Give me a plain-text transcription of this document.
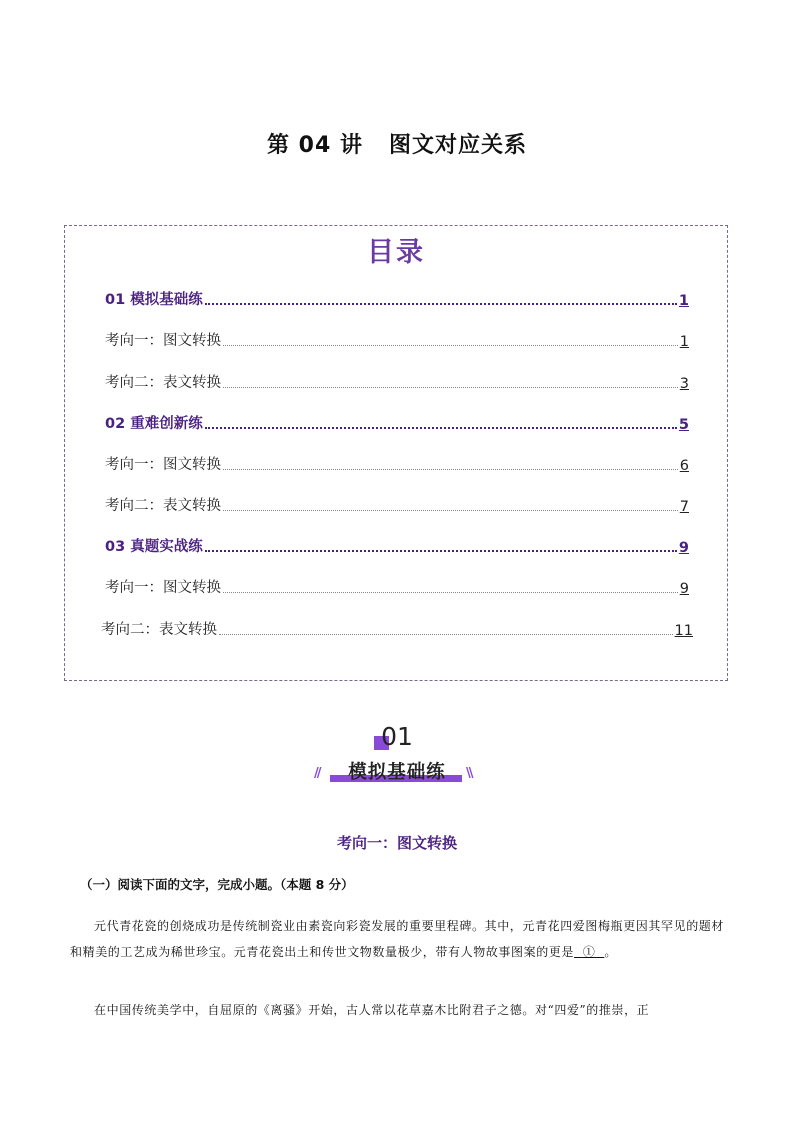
第 04 讲 图文对应关系
目录
01 模拟基础练	1
考向一：图文转换	1
考向二：表文转换	3
02 重难创新练	5
考向一：图文转换	6
考向二：表文转换	7
03 真题实战练	9
考向一：图文转换	9
考向二：表文转换	11
01
模拟基础练
//	\\
考向一：图文转换
（一）阅读下面的文字，完成小题。（本题 8 分）
元代青花瓷的创烧成功是传统制瓷业由素瓷向彩瓷发展的重要里程碑。其中，元青花四爱图梅瓶更因其罕见的题材和精美的工艺成为稀世珍宝。元青花瓷出土和传世文物数量极少，带有人物故事图案的更是 ① 。
在中国传统美学中，自屈原的《离骚》开始，古人常以花草嘉木比附君子之德。对“四爱”的推崇，正
